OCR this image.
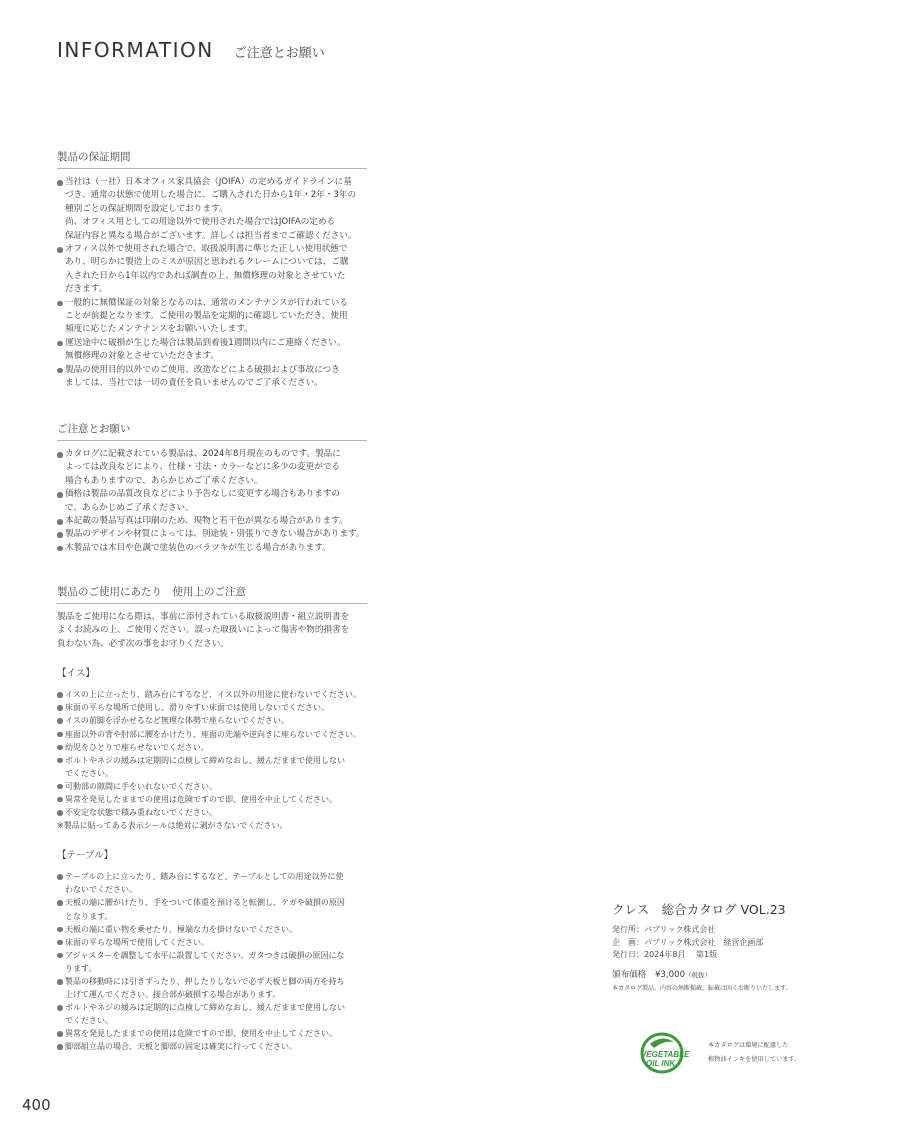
INFORMATION ご注意とお願い
製品の保証期間
当社は（一社）日本オフィス家具協会（JOIFA）の定めるガイドラインに基
づき、通常の状態で使用した場合に、ご購入された日から1年・2年・3年の
種別ごとの保証期間を設定しております。
尚、オフィス用としての用途以外で使用された場合ではJOIFAの定める
保証内容と異なる場合がございます。詳しくは担当者までご確認ください。
オフィス以外で使用された場合で、取扱説明書に準じた正しい使用状態で
あり、明らかに製造上のミスが原因と思われるクレームについては、ご購
入された日から1年以内であれば調査の上、無償修理の対象とさせていた
だきます。
一般的に無償保証の対象となるのは、通常のメンテナンスが行われている
ことが前提となります。ご使用の製品を定期的に確認していただき、使用
頻度に応じたメンテナンスをお願いいたします。
運送途中に破損が生じた場合は製品到着後1週間以内にご連絡ください。
無償修理の対象とさせていただきます。
製品の使用目的以外でのご使用、改造などによる破損および事故につき
ましては、当社では一切の責任を負いませんのでご了承ください。
ご注意とお願い
カタログに記載されている製品は、2024年8月現在のものです。製品に
よっては改良などにより、仕様・寸法・カラーなどに多少の変更がでる
場合もありますので、あらかじめご了承ください。
価格は製品の品質改良などにより予告なしに変更する場合もありますの
で、あらかじめご了承ください。
本記載の製品写真は印刷のため、現物と若干色が異なる場合があります。
製品のデザインや材質によっては、別途装・別張りできない場合があります。
木製品では木目や色調で塗装色のバラツキが生じる場合があります。
製品のご使用にあたり　使用上のご注意

製品をご使用になる際は、事前に添付されている取扱説明書・組立説明書を
よくお読みの上、ご使用ください。誤った取扱いによって傷害や物的損害を
負わない為、必ず次の事をお守りください。

【イス】
イスの上に立ったり、踏み台にするなど、イス以外の用途に使わないでください。
床面の平らな場所で使用し、滑りやすい床面では使用しないでください。
イスの前脚を浮かせるなど無理な体勢で座らないでください。
座面以外の背や肘部に腰をかけたり、座面の先端や逆向きに座らないでください。
幼児をひとりで座らせないでください。
ボルトやネジの緩みは定期的に点検して締めなおし、緩んだままで使用しない
でください。
可動部の隙間に手をいれないでください。
異常を発見したままでの使用は危険ですので即、使用を中止してください。
不安定な状態で積み重ねないでください。
※製品に貼ってある表示シールは絶対に剥がさないでください。
【テーブル】
テーブルの上に立ったり、踏み台にするなど、テーブルとしての用途以外に使
わないでください。
天板の端に腰がけたり、手をついて体重を預けると転倒し、ケガや破損の原因
となります。
天板の端に重い物を乗せたり、極端な力を掛けないでください。
床面の平らな場所で使用してください。
アジャスターを調整して水平に設置してください。ガタつきは破損の原因にな
ります。
製品の移動時には引きずったり、押したりしないで必ず天板と脚の両方を持ち
上げて運んでください。接合部が破損する場合があります。
ボルトやネジの緩みは定期的に点検して締めなおし、緩んだままで使用しない
でください。
異常を発見したままでの使用は危険ですので即、使用を中止してください。
脚部組立品の場合、天板と脚部の固定は確実に行ってください。
クレス　総合カタログ VOL.23
発行所：パブリック株式会社
企　画：パブリック株式会社　経営企画部
発行日：2024年8月　 第1版
頒布価格　¥3,000（税抜）
本カタログ製品、内容の無断掲載、転載は固くお断りいたします。
VEGETABLE
OIL INK
本カタログは環境に配慮した
植物油インキを使用しています。
400
